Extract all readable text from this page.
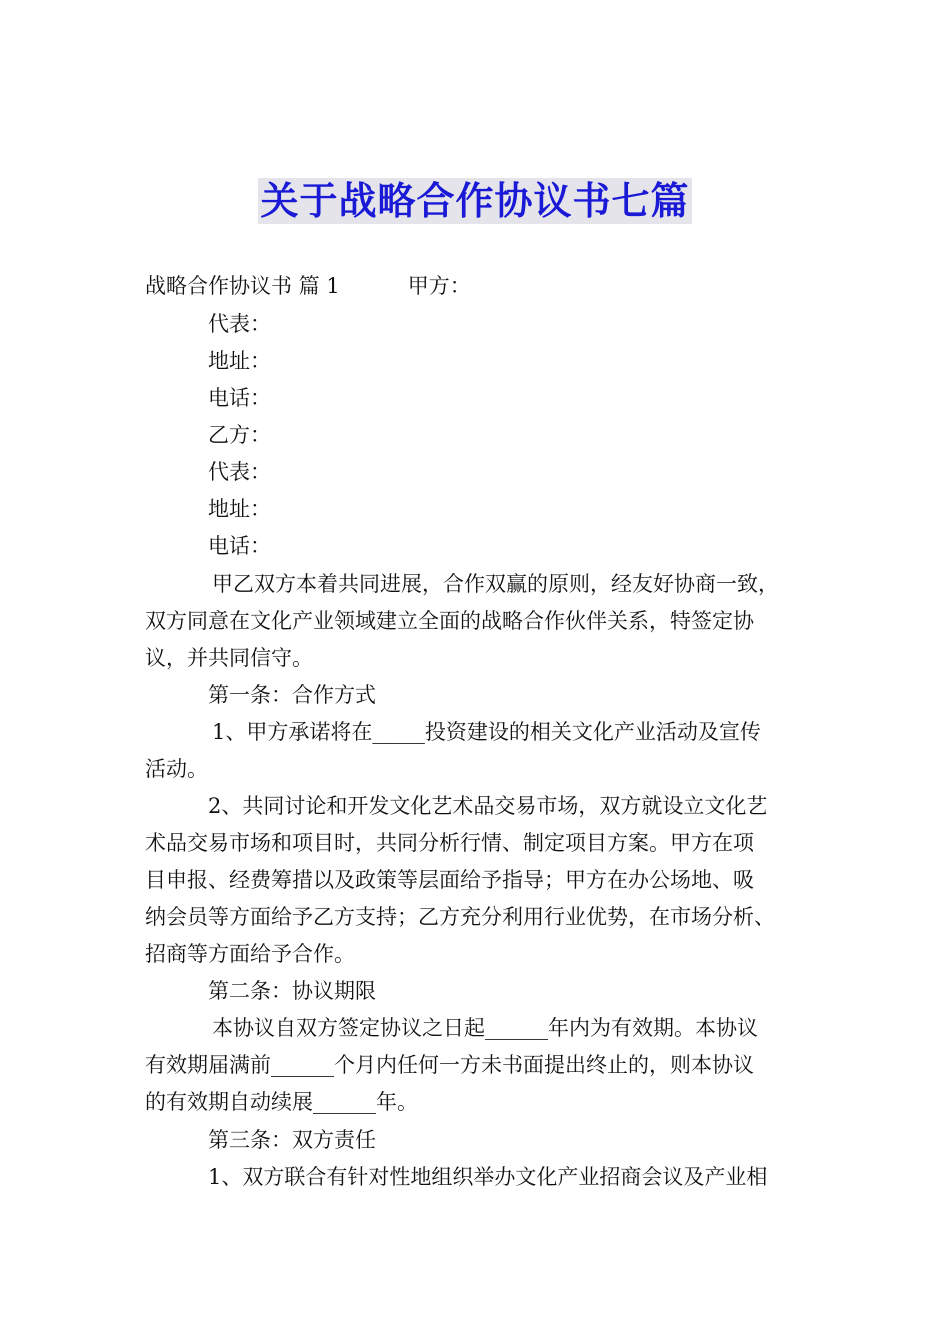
关于战略合作协议书七篇
战略合作协议书 篇 1	甲方：
代表：
地址：
电话：
乙方：
代表：
地址：
电话：
甲乙双方本着共同进展，合作双赢的原则，经友好协商一致，
双方同意在文化产业领域建立全面的战略合作伙伴关系，特签定协
议，并共同信守。
第一条：合作方式
1、甲方承诺将在_____投资建设的相关文化产业活动及宣传
活动。
2、共同讨论和开发文化艺术品交易市场，双方就设立文化艺
术品交易市场和项目时，共同分析行情、制定项目方案。甲方在项
目申报、经费筹措以及政策等层面给予指导；甲方在办公场地、吸
纳会员等方面给予乙方支持；乙方充分利用行业优势，在市场分析、
招商等方面给予合作。
第二条：协议期限
本协议自双方签定协议之日起______年内为有效期。本协议
有效期届满前______个月内任何一方未书面提出终止的，则本协议
的有效期自动续展______年。
第三条：双方责任
1、双方联合有针对性地组织举办文化产业招商会议及产业相
